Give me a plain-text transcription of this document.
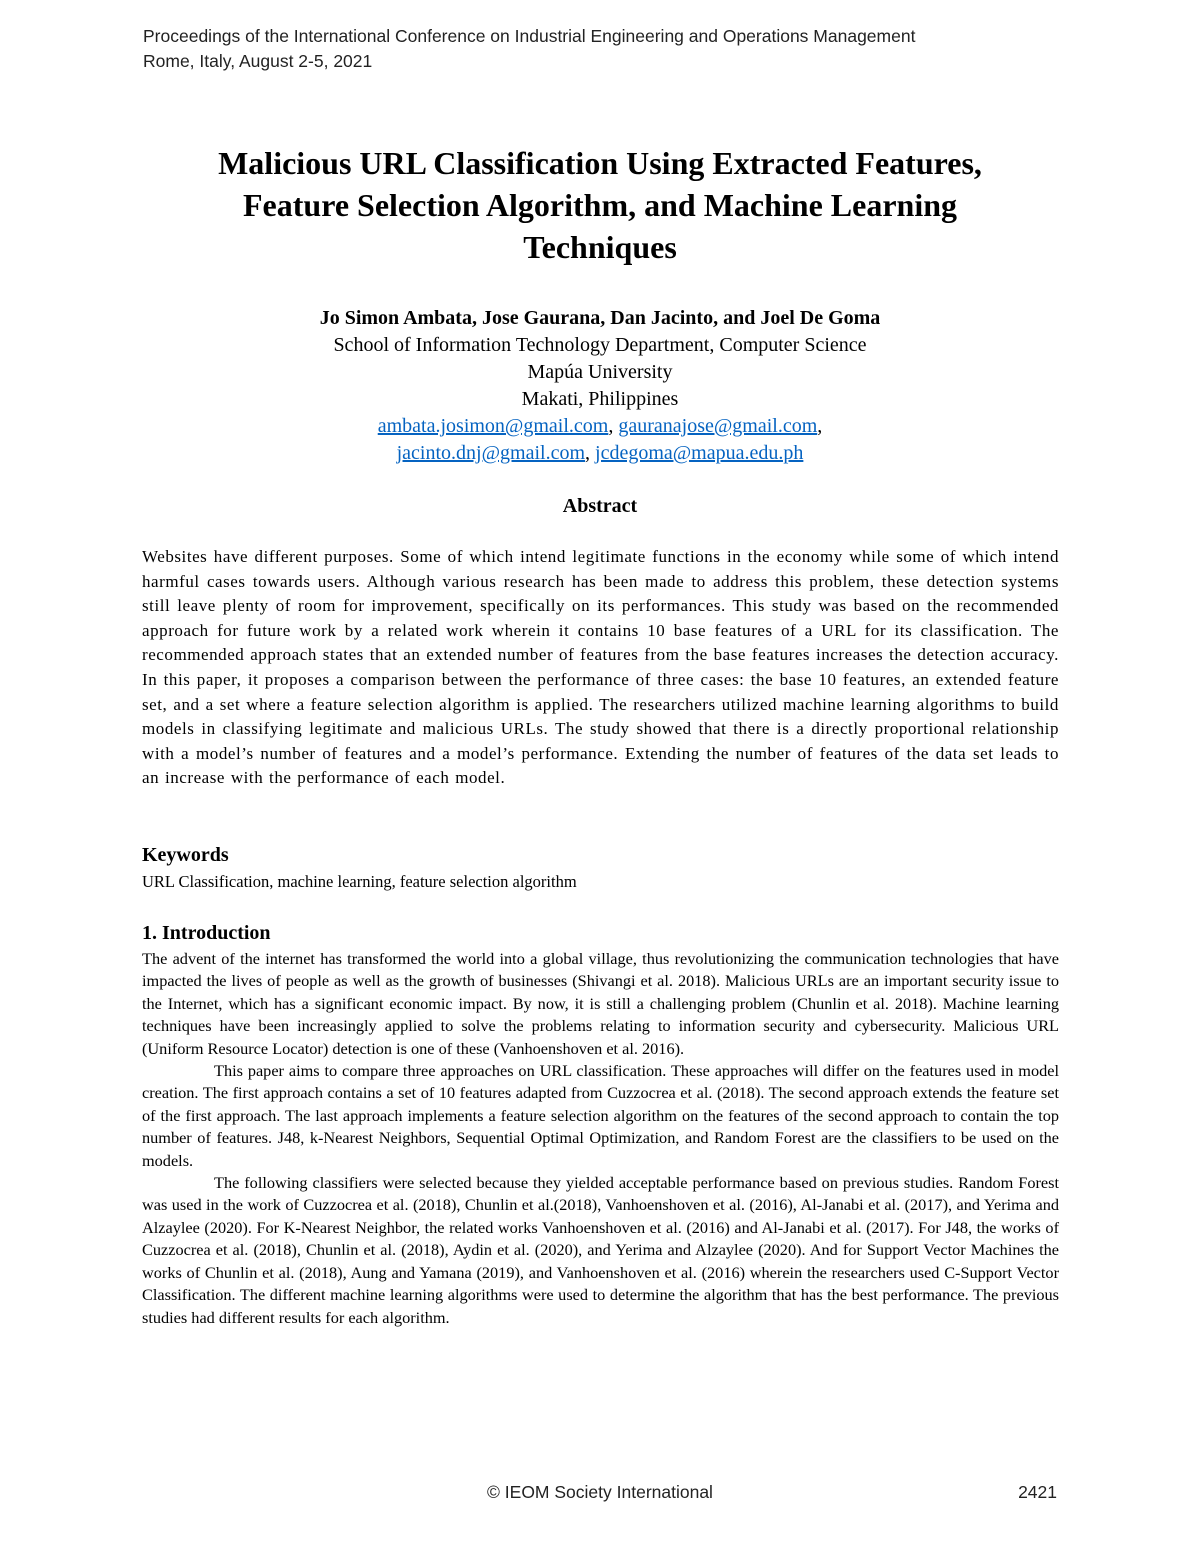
Proceedings of the International Conference on Industrial Engineering and Operations Management
Rome, Italy, August 2-5, 2021
Malicious URL Classification Using Extracted Features,
Feature Selection Algorithm, and Machine Learning
Techniques
Jo Simon Ambata, Jose Gaurana, Dan Jacinto, and Joel De Goma
School of Information Technology Department, Computer Science
Mapúa University
Makati, Philippines
ambata.josimon@gmail.com, gauranajose@gmail.com,
jacinto.dnj@gmail.com, jcdegoma@mapua.edu.ph
Abstract

Websites have different purposes. Some of which intend legitimate functions in the economy while some of which intend harmful cases towards users. Although various research has been made to address this problem, these detection systems still leave plenty of room for improvement, specifically on its performances. This study was based on the recommended approach for future work by a related work wherein it contains 10 base features of a URL for its classification. The recommended approach states that an extended number of features from the base features increases the detection accuracy. In this paper, it proposes a comparison between the performance of three cases: the base 10 features, an extended feature set, and a set where a feature selection algorithm is applied. The researchers utilized machine learning algorithms to build models in classifying legitimate and malicious URLs. The study showed that there is a directly proportional relationship with a model’s number of features and a model’s performance. Extending the number of features of the data set leads to an increase with the performance of each model.

Keywords

URL Classification, machine learning, feature selection algorithm

1. Introduction

The advent of the internet has transformed the world into a global village, thus revolutionizing the communication technologies that have impacted the lives of people as well as the growth of businesses (Shivangi et al. 2018). Malicious URLs are an important security issue to the Internet, which has a significant economic impact. By now, it is still a challenging problem (Chunlin et al. 2018). Machine learning techniques have been increasingly applied to solve the problems relating to information security and cybersecurity. Malicious URL (Uniform Resource Locator) detection is one of these (Vanhoenshoven et al. 2016).

This paper aims to compare three approaches on URL classification. These approaches will differ on the features used in model creation. The first approach contains a set of 10 features adapted from Cuzzocrea et al. (2018). The second approach extends the feature set of the first approach. The last approach implements a feature selection algorithm on the features of the second approach to contain the top number of features. J48, k-Nearest Neighbors, Sequential Optimal Optimization, and Random Forest are the classifiers to be used on the models.

The following classifiers were selected because they yielded acceptable performance based on previous studies. Random Forest was used in the work of Cuzzocrea et al. (2018), Chunlin et al.(2018), Vanhoenshoven et al. (2016), Al-Janabi et al. (2017), and Yerima and Alzaylee (2020). For K-Nearest Neighbor, the related works Vanhoenshoven et al. (2016) and Al-Janabi et al. (2017). For J48, the works of Cuzzocrea et al. (2018), Chunlin et al. (2018), Aydin et al. (2020), and Yerima and Alzaylee (2020). And for Support Vector Machines the works of Chunlin et al. (2018), Aung and Yamana (2019), and Vanhoenshoven et al. (2016) wherein the researchers used C-Support Vector Classification. The different machine learning algorithms were used to determine the algorithm that has the best performance. The previous studies had different results for each algorithm.

© IEOM Society International	2421
